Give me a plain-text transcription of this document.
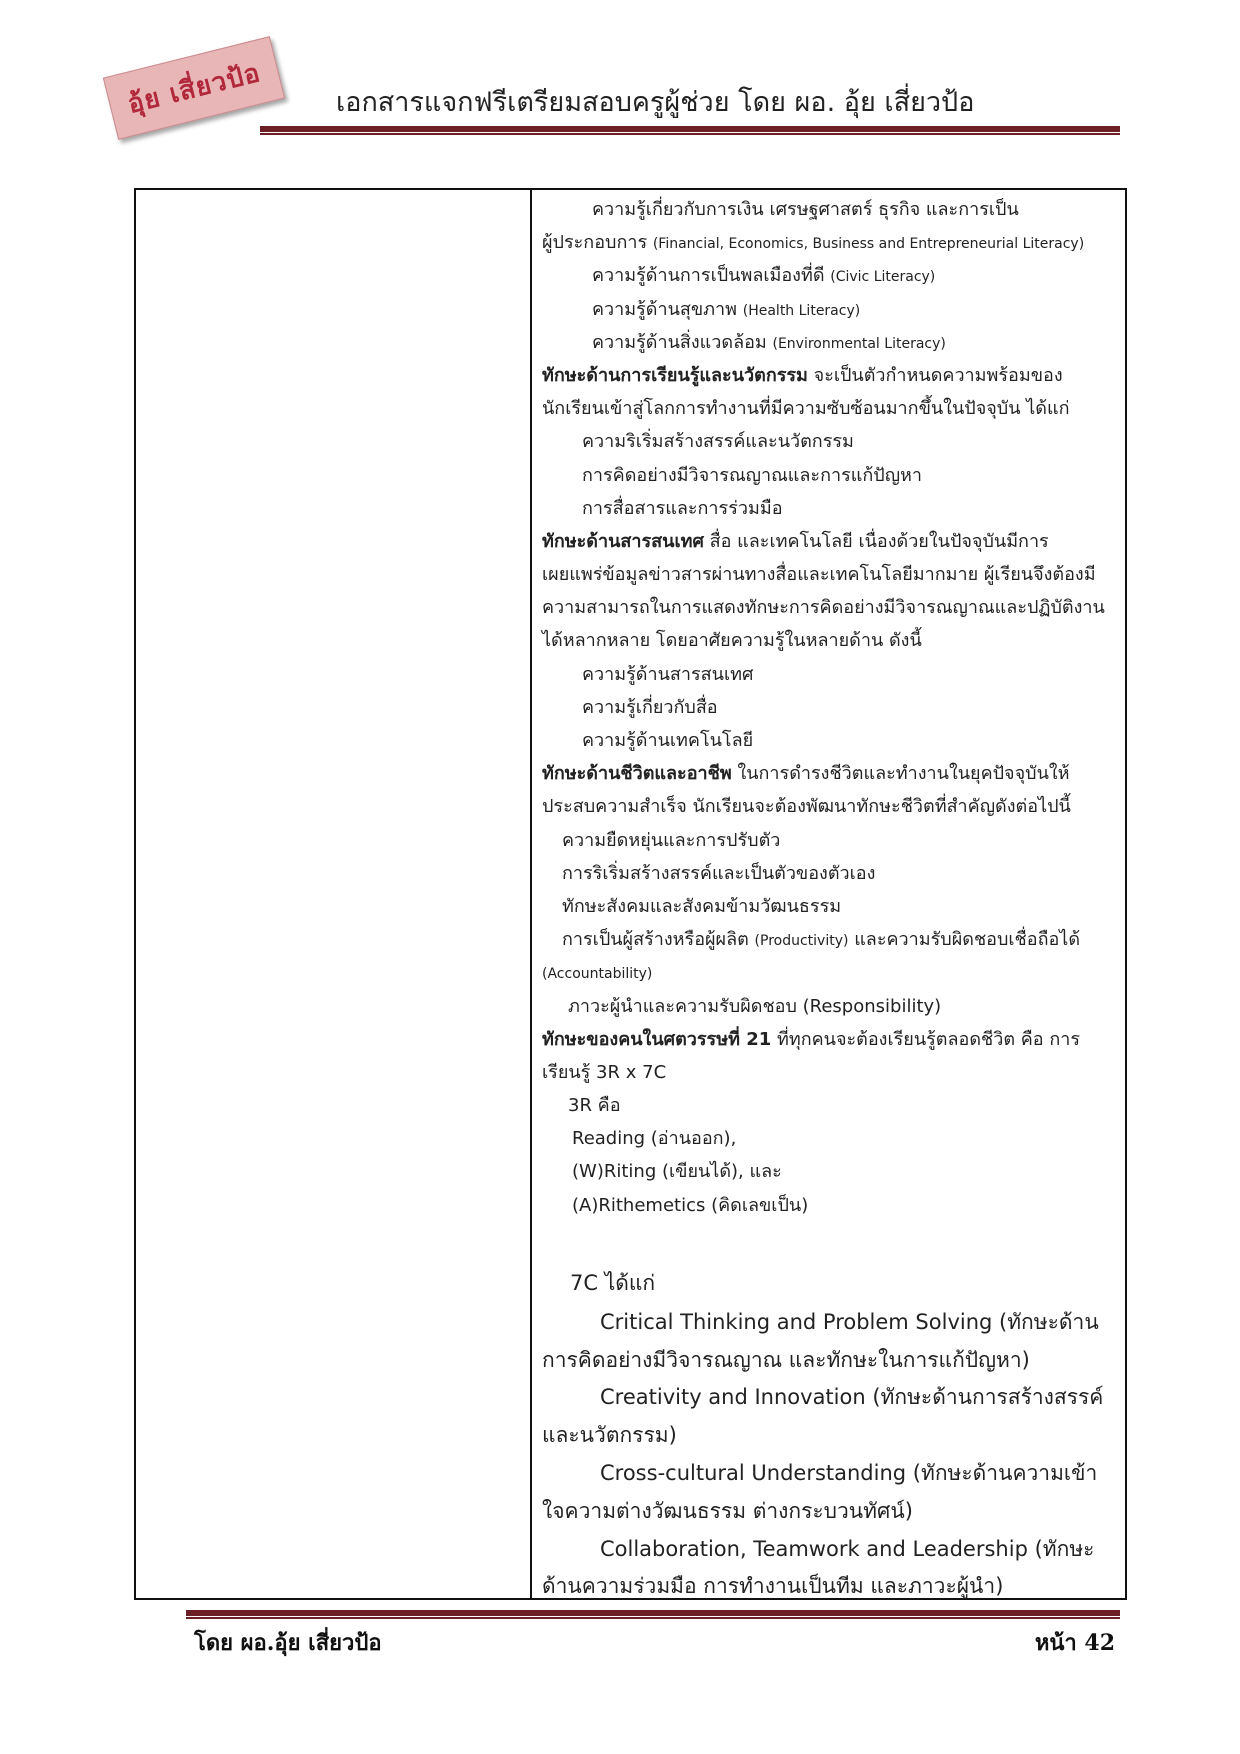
อุ้ย เสี่ยวป้อ	เอกสารแจกฟรีเตรียมสอบครูผู้ช่วย โดย ผอ. อุ้ย เสี่ยวป้อ
ความรู้เกี่ยวกับการเงิน เศรษฐศาสตร์ ธุรกิจ และการเป็น
ผู้ประกอบการ (Financial, Economics, Business and Entrepreneurial Literacy)
ความรู้ด้านการเป็นพลเมืองที่ดี (Civic Literacy)
ความรู้ด้านสุขภาพ (Health Literacy)
ความรู้ด้านสิ่งแวดล้อม (Environmental Literacy)
ทักษะด้านการเรียนรู้และนวัตกรรม จะเป็นตัวกำหนดความพร้อมของ
นักเรียนเข้าสู่โลกการทำงานที่มีความซับซ้อนมากขึ้นในปัจจุบัน ได้แก่
ความริเริ่มสร้างสรรค์และนวัตกรรม
การคิดอย่างมีวิจารณญาณและการแก้ปัญหา
การสื่อสารและการร่วมมือ
ทักษะด้านสารสนเทศ สื่อ และเทคโนโลยี เนื่องด้วยในปัจจุบันมีการ
เผยแพร่ข้อมูลข่าวสารผ่านทางสื่อและเทคโนโลยีมากมาย ผู้เรียนจึงต้องมี
ความสามารถในการแสดงทักษะการคิดอย่างมีวิจารณญาณและปฏิบัติงาน
ได้หลากหลาย โดยอาศัยความรู้ในหลายด้าน ดังนี้
ความรู้ด้านสารสนเทศ
ความรู้เกี่ยวกับสื่อ
ความรู้ด้านเทคโนโลยี
ทักษะด้านชีวิตและอาชีพ ในการดำรงชีวิตและทำงานในยุคปัจจุบันให้
ประสบความสำเร็จ นักเรียนจะต้องพัฒนาทักษะชีวิตที่สำคัญดังต่อไปนี้
ความยืดหยุ่นและการปรับตัว
การริเริ่มสร้างสรรค์และเป็นตัวของตัวเอง
ทักษะสังคมและสังคมข้ามวัฒนธรรม
การเป็นผู้สร้างหรือผู้ผลิต (Productivity) และความรับผิดชอบเชื่อถือได้
(Accountability)
ภาวะผู้นำและความรับผิดชอบ (Responsibility)
ทักษะของคนในศตวรรษที่ 21 ที่ทุกคนจะต้องเรียนรู้ตลอดชีวิต คือ การ
เรียนรู้ 3R x 7C
3R คือ
Reading (อ่านออก),
(W)Riting (เขียนได้), และ
(A)Rithemetics (คิดเลขเป็น)
7C ได้แก่
Critical Thinking and Problem Solving (ทักษะด้าน
การคิดอย่างมีวิจารณญาณ และทักษะในการแก้ปัญหา)
Creativity and Innovation (ทักษะด้านการสร้างสรรค์
และนวัตกรรม)
Cross-cultural Understanding (ทักษะด้านความเข้า
ใจความต่างวัฒนธรรม ต่างกระบวนทัศน์)
Collaboration, Teamwork and Leadership (ทักษะ
ด้านความร่วมมือ การทำงานเป็นทีม และภาวะผู้นำ)
โดย ผอ.อุ้ย เสี่ยวป้อ	หน้า 42
